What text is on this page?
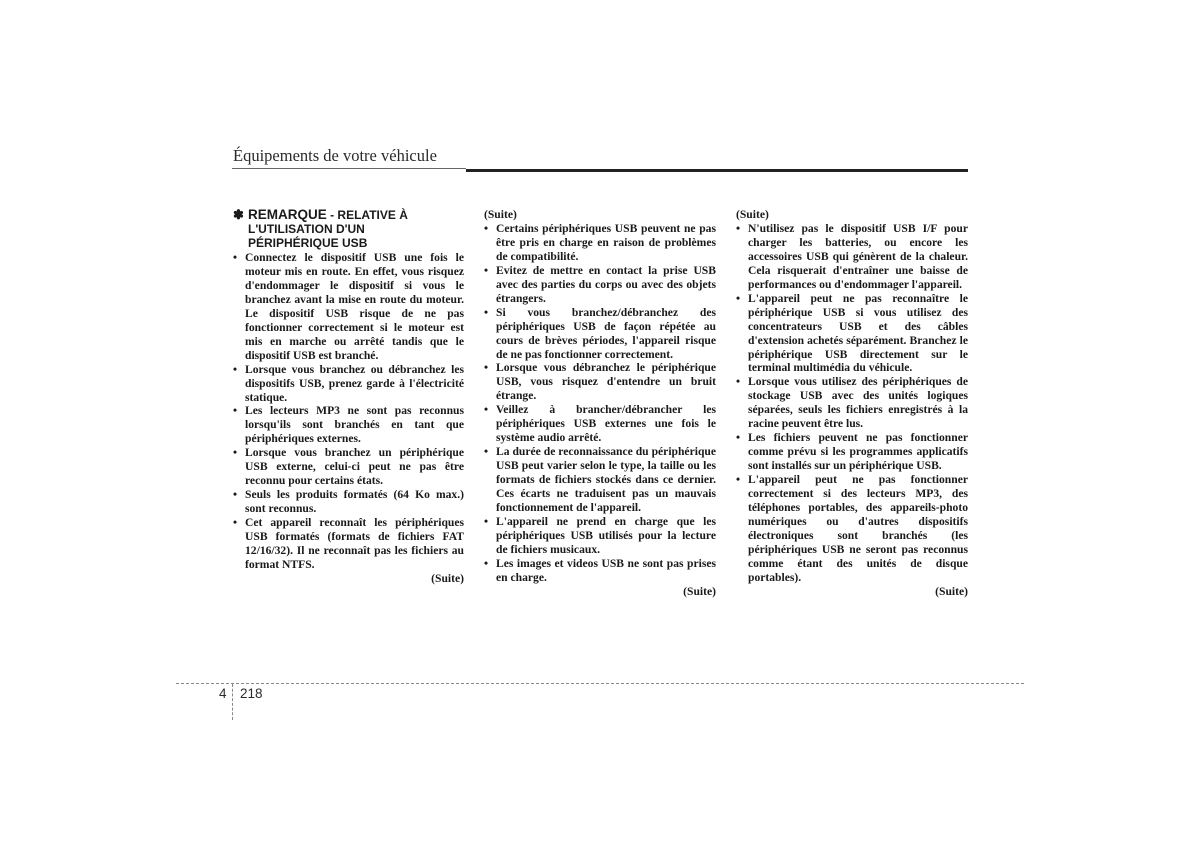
Équipements de votre véhicule
✽ REMARQUE - RELATIVE À
L'UTILISATION D'UN
PÉRIPHÉRIQUE USB
• Connectez le dispositif USB une fois le moteur mis en route. En effet, vous risquez d'endommager le dispositif si vous le branchez avant la mise en route du moteur. Le dispositif USB risque de ne pas fonctionner correctement si le moteur est mis en marche ou arrêté tandis que le dispositif USB est branché.
• Lorsque vous branchez ou débranchez les dispositifs USB, prenez garde à l'électricité statique.
• Les lecteurs MP3 ne sont pas reconnus lorsqu'ils sont branchés en tant que périphériques externes.
• Lorsque vous branchez un périphérique USB externe, celui-ci peut ne pas être reconnu pour certains états.
• Seuls les produits formatés (64 Ko max.) sont reconnus.
• Cet appareil reconnaît les périphériques USB formatés (formats de fichiers FAT 12/16/32). Il ne reconnaît pas les fichiers au format NTFS.
(Suite)
(Suite)
• Certains périphériques USB peuvent ne pas être pris en charge en raison de problèmes de compatibilité.
• Evitez de mettre en contact la prise USB avec des parties du corps ou avec des objets étrangers.
• Si vous branchez/débranchez des périphériques USB de façon répétée au cours de brèves périodes, l'appareil risque de ne pas fonctionner correctement.
• Lorsque vous débranchez le périphérique USB, vous risquez d'entendre un bruit étrange.
• Veillez à brancher/débrancher les périphériques USB externes une fois le système audio arrêté.
• La durée de reconnaissance du périphérique USB peut varier selon le type, la taille ou les formats de fichiers stockés dans ce dernier. Ces écarts ne traduisent pas un mauvais fonctionnement de l'appareil.
• L'appareil ne prend en charge que les périphériques USB utilisés pour la lecture de fichiers musicaux.
• Les images et videos USB ne sont pas prises en charge.
(Suite)
(Suite)
• N'utilisez pas le dispositif USB I/F pour charger les batteries, ou encore les accessoires USB qui génèrent de la chaleur. Cela risquerait d'entraîner une baisse de performances ou d'endommager l'appareil.
• L'appareil peut ne pas reconnaître le périphérique USB si vous utilisez des concentrateurs USB et des câbles d'extension achetés séparément. Branchez le périphérique USB directement sur le terminal multimédia du véhicule.
• Lorsque vous utilisez des périphériques de stockage USB avec des unités logiques séparées, seuls les fichiers enregistrés à la racine peuvent être lus.
• Les fichiers peuvent ne pas fonctionner comme prévu si les programmes applicatifs sont installés sur un périphérique USB.
• L'appareil peut ne pas fonctionner correctement si des lecteurs MP3, des téléphones portables, des appareils-photo numériques ou d'autres dispositifs électroniques sont branchés (les périphériques USB ne seront pas reconnus comme étant des unités de disque portables).
(Suite)
4 218
